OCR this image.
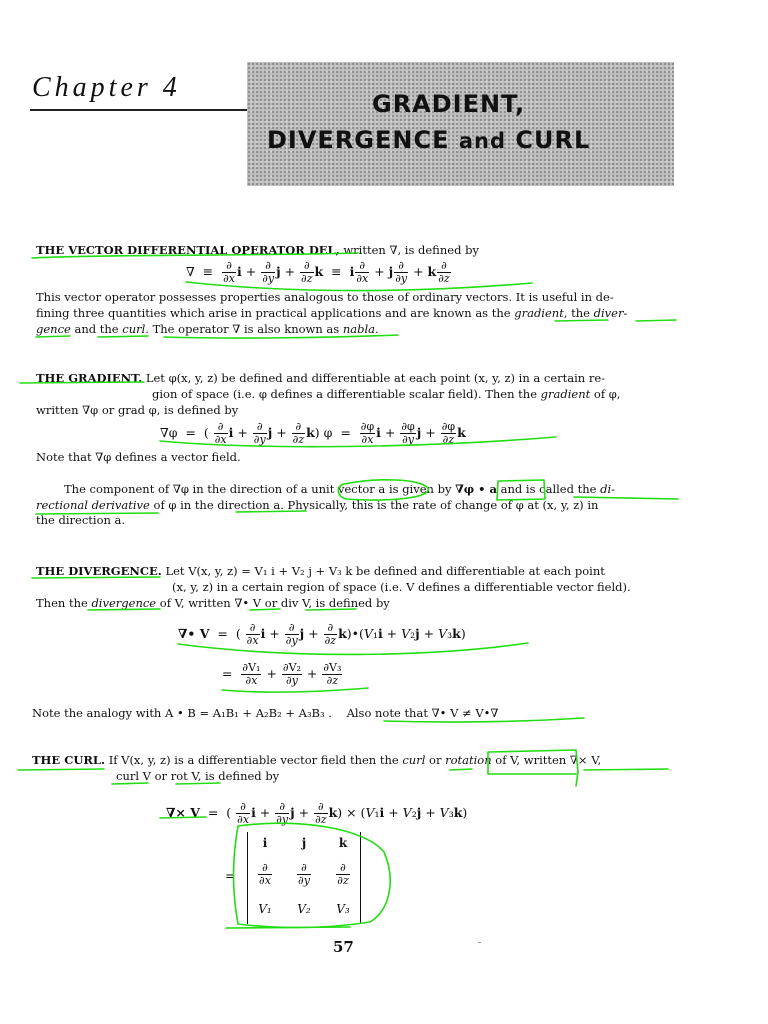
Chapter 4
GRADIENT,
DIVERGENCE and CURL
THE VECTOR DIFFERENTIAL OPERATOR DEL, written ∇, is defined by
∇  ≡ $\frac{\partial}{\partial x}$ $i + \frac{\partial}{\partial y}$ $j + \frac{\partial}{\partial z}$ k  ≡  i $\frac{\partial}{\partial x} + j \frac{\partial}{\partial y} + k \frac{\partial}{\partial z}$
This vector operator possesses properties analogous to those of ordinary vectors. It is useful in de-
fining three quantities which arise in practical applications and are known as the gradient, the diver-
gence and the curl. The operator ∇ is also known as nabla.
THE GRADIENT. Let φ(x, y, z) be defined and differentiable at each point (x, y, z) in a certain re-
gion of space (i.e. φ defines a differentiable scalar field). Then the gradient of φ,
written ∇φ or grad φ, is defined by
∇φ  =  ( $\frac{\partial}{\partial x}$ $i + \frac{\partial}{\partial y}$ $j + \frac{\partial}{\partial z} k$) $\varphi = \frac{\partial\varphi}{\partial x}$ $i + \frac{\partial\varphi}{\partial y}$ $j + \frac{\partial\varphi}{\partial z}$ k
Note that ∇φ defines a vector field.
The component of ∇φ in the direction of a unit vector a is given by ∇φ • a and is called the di-
rectional derivative of φ in the direction a. Physically, this is the rate of change of φ at (x, y, z) in
the direction a.
THE DIVERGENCE. Let V(x, y, z) = V₁ i + V₂ j + V₃ k be defined and differentiable at each point
(x, y, z) in a certain region of space (i.e. V defines a differentiable vector field).
Then the divergence of V, written ∇• V or div V, is defined by
∇• V  =  ( $\frac{\partial}{\partial x}$ $i + \frac{\partial}{\partial y}$ $j + \frac{\partial}{\partial z}$ k)•(V₁i + V₂j + V₃k)
= $\frac{\text{∂V₁}}{\partial x} + \frac{\text{∂V₂}}{\partial y} + \frac{\text{∂V₃}}{\partial z}$
Note the analogy with A • B = A₁B₁ + A₂B₂ + A₃B₃ . Also note that ∇• V ≠ V•∇
THE CURL. If V(x, y, z) is a differentiable vector field then the curl or rotation of V, written ∇× V,
curl V or rot V, is defined by
∇× V  =  ( $\frac{\partial}{\partial x}$ $i + \frac{\partial}{\partial y}$ $j + \frac{\partial}{\partial z} k) \times (V_1i + V_2j + V_3k)$
=
i	j	k
$\frac{\partial}{\partial x} \frac{\partial}{\partial y} \frac{\partial}{\partial z}$
V₁	V₂	V₃
57
